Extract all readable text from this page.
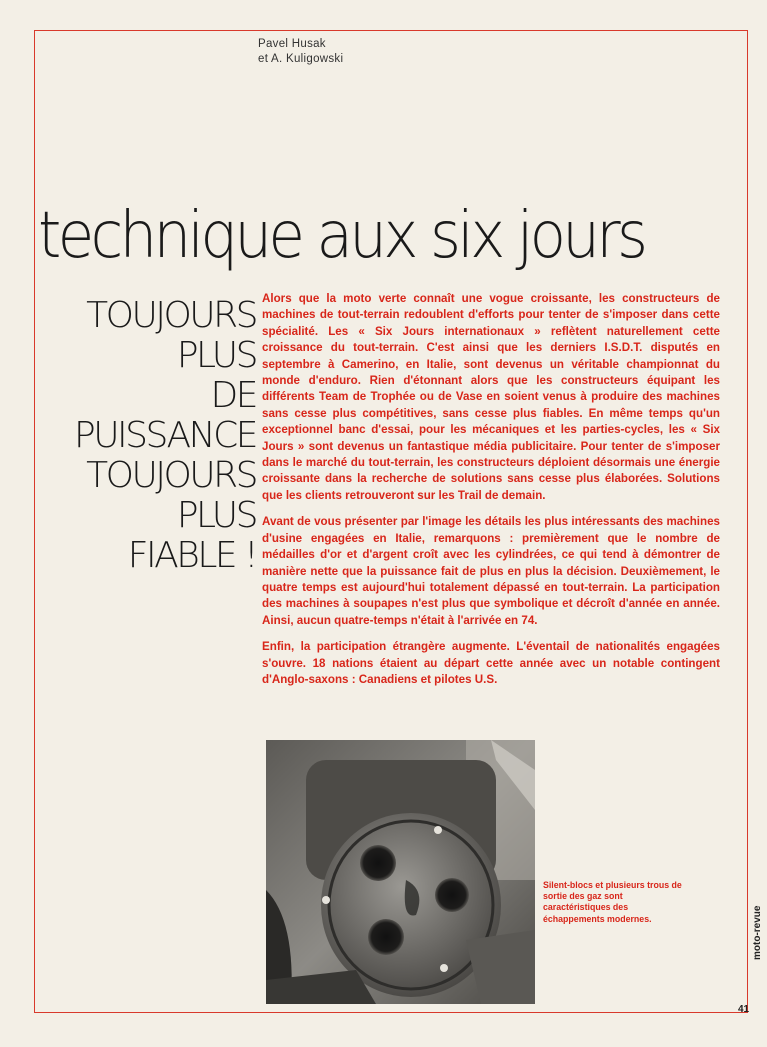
Pavel Husak
et A. Kuligowski
technique aux six jours
TOUJOURS
PLUS
DE
PUISSANCE
TOUJOURS
PLUS
FIABLE !

Alors que la moto verte connaît une vogue croissante, les constructeurs de machines de tout-terrain redoublent d'efforts pour tenter de s'imposer dans cette spécialité. Les « Six Jours internationaux » reflètent naturellement cette croissance du tout-terrain. C'est ainsi que les derniers I.S.D.T. disputés en septembre à Camerino, en Italie, sont devenus un véritable championnat du monde d'enduro. Rien d'étonnant alors que les constructeurs équipant les différents Team de Trophée ou de Vase en soient venus à produire des machines sans cesse plus compétitives, sans cesse plus fiables. En même temps qu'un exceptionnel banc d'essai, pour les mécaniques et les parties-cycles, les « Six Jours » sont devenus un fantastique média publicitaire. Pour tenter de s'imposer dans le marché du tout-terrain, les constructeurs déploient désormais une énergie croissante dans la recherche de solutions sans cesse plus élaborées. Solutions que les clients retrouveront sur les Trail de demain.

Avant de vous présenter par l'image les détails les plus intéressants des machines d'usine engagées en Italie, remarquons : premièrement que le nombre de médailles d'or et d'argent croît avec les cylindrées, ce qui tend à démontrer de manière nette que la puissance fait de plus en plus la décision. Deuxièmement, le quatre temps est aujourd'hui totalement dépassé en tout-terrain. La participation des machines à soupapes n'est plus que symbolique et décroît d'année en année. Ainsi, aucun quatre-temps n'était à l'arrivée en 74.

Enfin, la participation étrangère augmente. L'éventail de nationalités engagées s'ouvre. 18 nations étaient au départ cette année avec un notable contingent d'Anglo-saxons : Canadiens et pilotes U.S.

Silent-blocs et plusieurs trous de sortie des gaz sont caractéristiques des échappements modernes.	moto-revue
41
